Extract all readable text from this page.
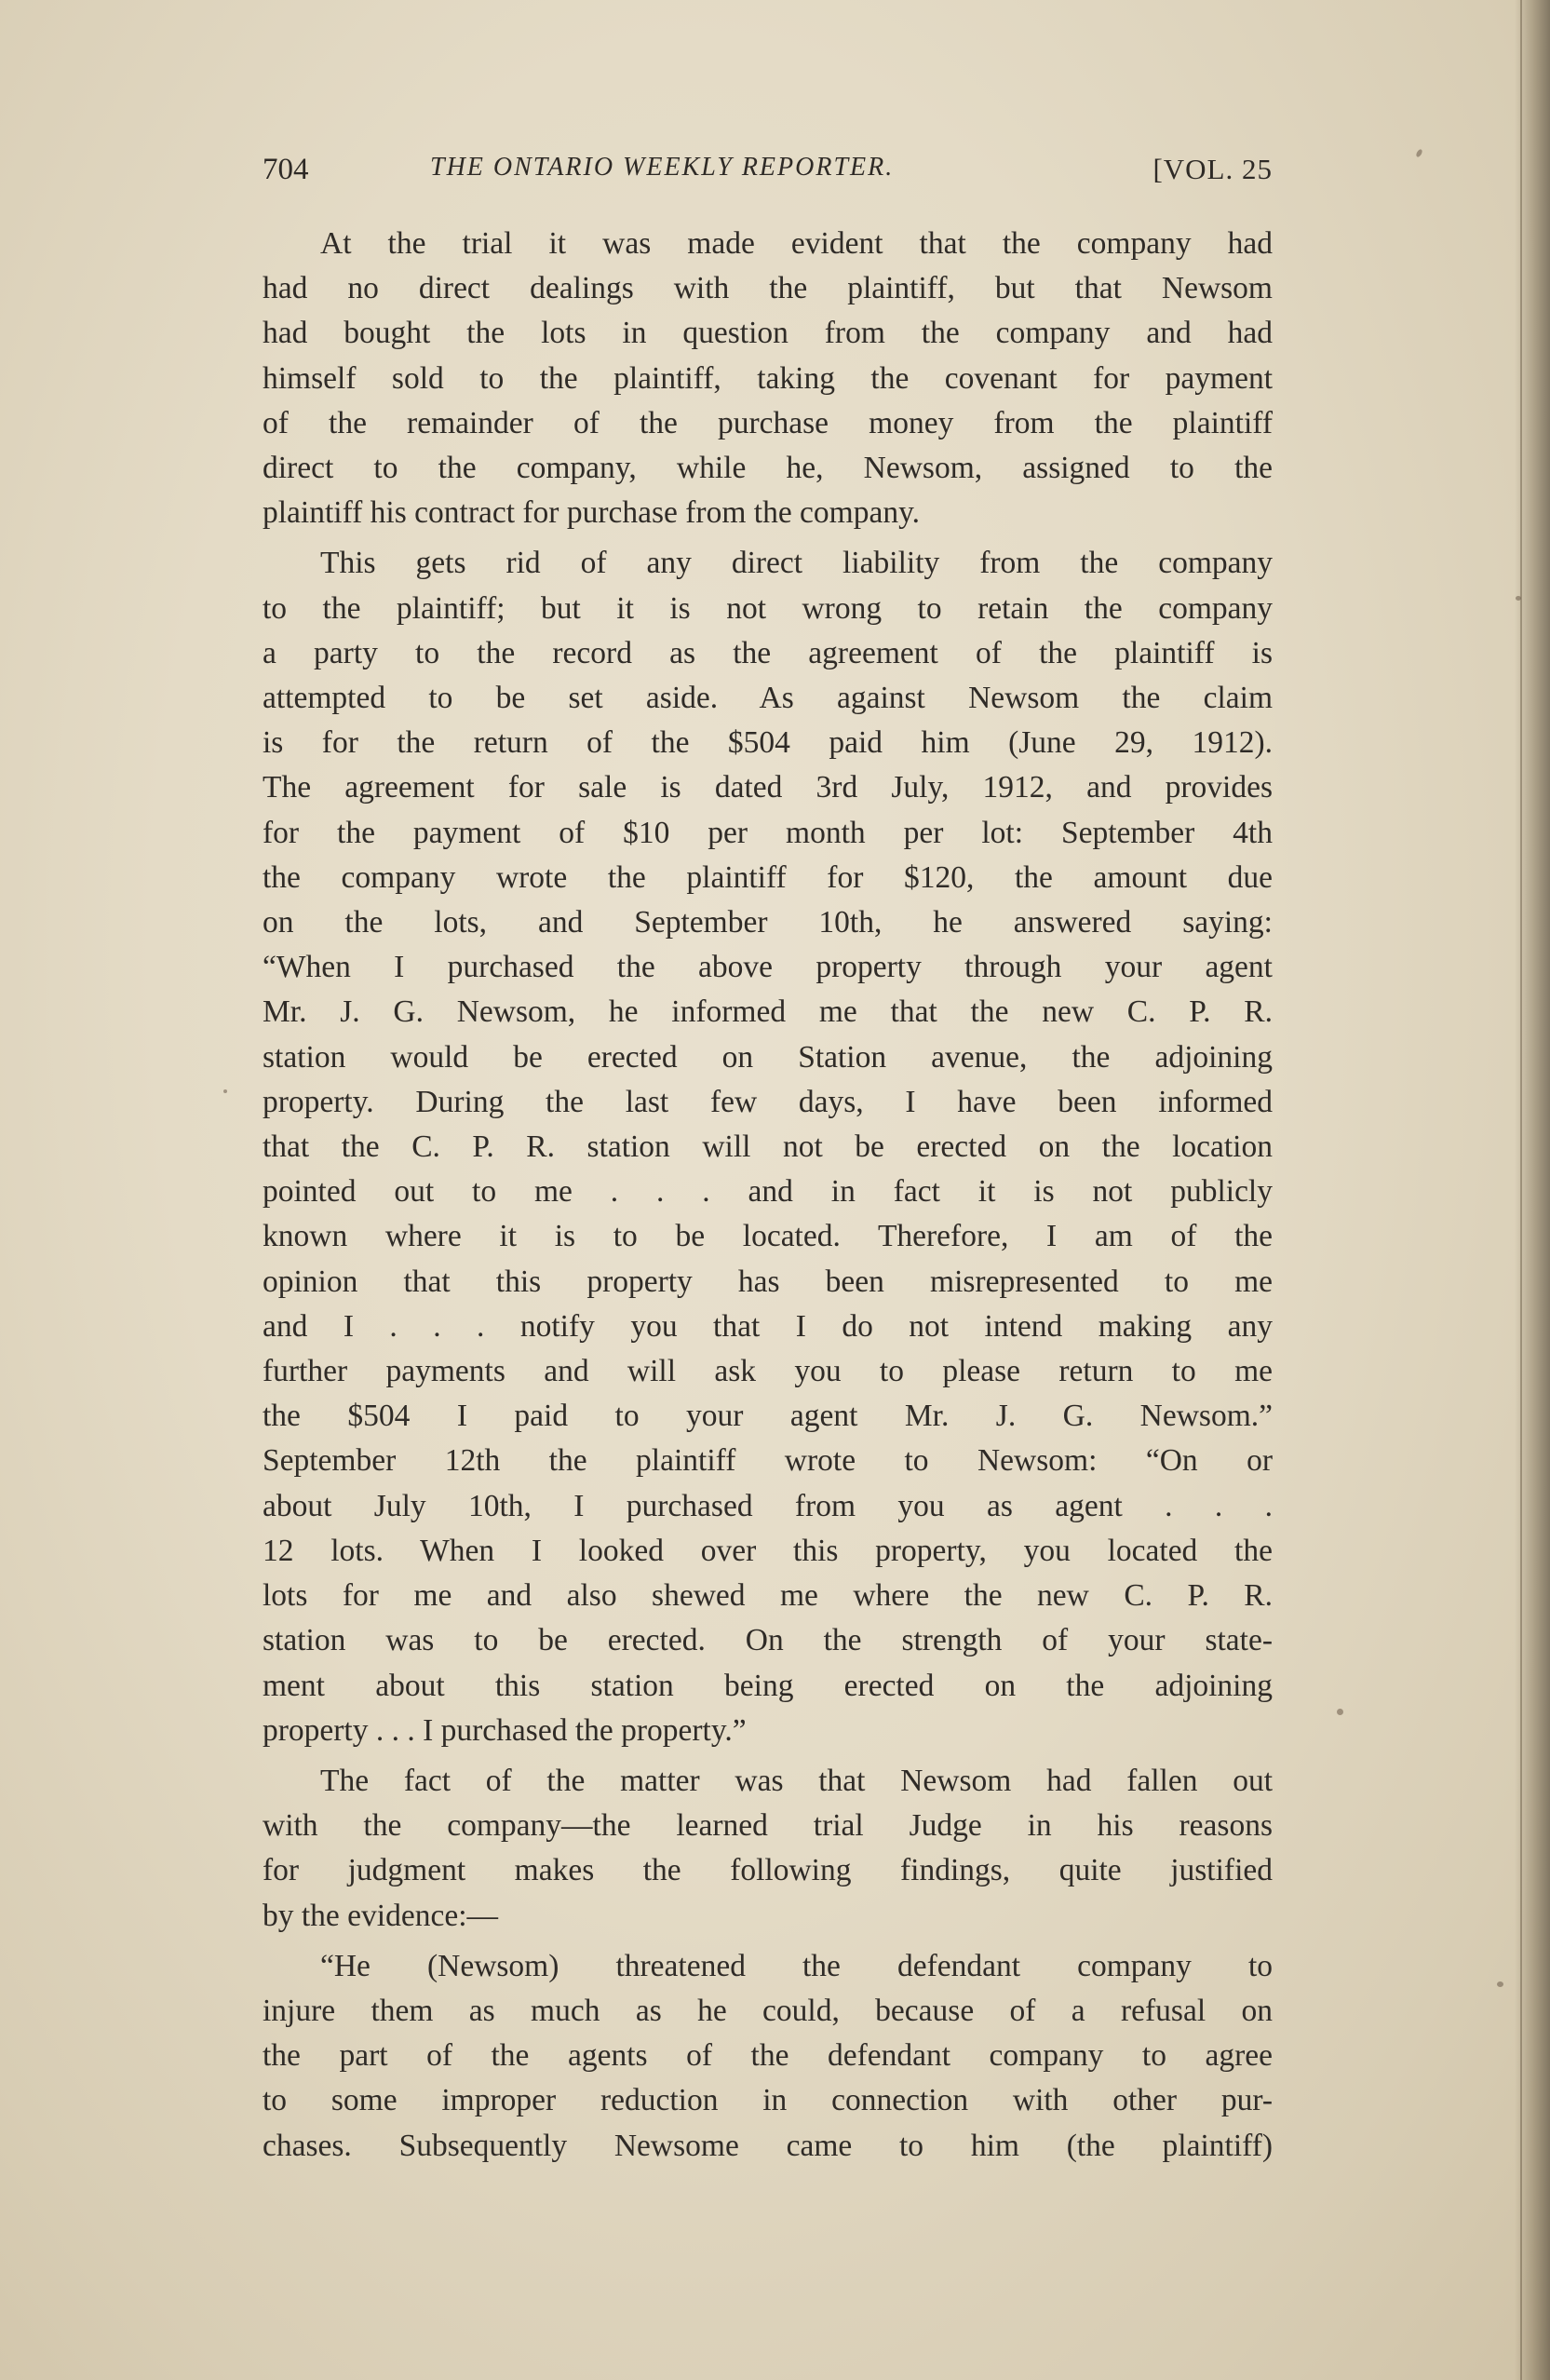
704	THE ONTARIO WEEKLY REPORTER.	[VOL. 25

At the trial it was made evident that the company had
had no direct dealings with the plaintiff, but that Newsom
had bought the lots in question from the company and had
himself sold to the plaintiff, taking the covenant for payment
of the remainder of the purchase money from the plaintiff
direct to the company, while he, Newsom, assigned to the
plaintiff his contract for purchase from the company.

This gets rid of any direct liability from the company
to the plaintiff; but it is not wrong to retain the company
a party to the record as the agreement of the plaintiff is
attempted to be set aside. As against Newsom the claim
is for the return of the $504 paid him (June 29, 1912).
The agreement for sale is dated 3rd July, 1912, and provides
for the payment of $10 per month per lot: September 4th
the company wrote the plaintiff for $120, the amount due
on the lots, and September 10th, he answered saying:
“When I purchased the above property through your agent
Mr. J. G. Newsom, he informed me that the new C. P. R.
station would be erected on Station avenue, the adjoining
property. During the last few days, I have been informed
that the C. P. R. station will not be erected on the location
pointed out to me . . . and in fact it is not publicly
known where it is to be located. Therefore, I am of the
opinion that this property has been misrepresented to me
and I . . . notify you that I do not intend making any
further payments and will ask you to please return to me
the $504 I paid to your agent Mr. J. G. Newsom.”
September 12th the plaintiff wrote to Newsom: “On or
about July 10th, I purchased from you as agent . . .
12 lots. When I looked over this property, you located the
lots for me and also shewed me where the new C. P. R.
station was to be erected. On the strength of your state-
ment about this station being erected on the adjoining
property . . . I purchased the property.”

The fact of the matter was that Newsom had fallen out
with the company—the learned trial Judge in his reasons
for judgment makes the following findings, quite justified
by the evidence:—

“He (Newsom) threatened the defendant company to
injure them as much as he could, because of a refusal on
the part of the agents of the defendant company to agree
to some improper reduction in connection with other pur-
chases. Subsequently Newsome came to him (the plaintiff)
